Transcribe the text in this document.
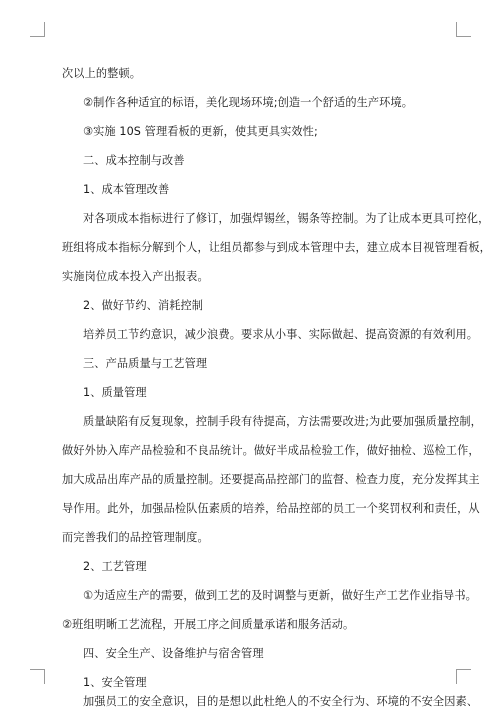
次以上的整顿。
②制作各种适宜的标语，美化现场环境;创造一个舒适的生产环境。
③实施 10S 管理看板的更新，使其更具实效性;
二、成本控制与改善
1、成本管理改善
对各项成本指标进行了修订，加强焊锡丝，锡条等控制。为了让成本更具可控化，
班组将成本指标分解到个人，让组员都参与到成本管理中去，建立成本目视管理看板，
实施岗位成本投入产出报表。
2、做好节约、消耗控制
培养员工节约意识，减少浪费。要求从小事、实际做起、提高资源的有效利用。
三、产品质量与工艺管理
1、质量管理
质量缺陷有反复现象，控制手段有待提高，方法需要改进;为此要加强质量控制，
做好外协入库产品检验和不良品统计。做好半成品检验工作，做好抽检、巡检工作，
加大成品出库产品的质量控制。还要提高品控部门的监督、检查力度，充分发挥其主
导作用。此外，加强品检队伍素质的培养，给品控部的员工一个奖罚权利和责任，从
而完善我们的品控管理制度。
2、工艺管理
①为适应生产的需要，做到工艺的及时调整与更新，做好生产工艺作业指导书。
②班组明晰工艺流程，开展工序之间质量承诺和服务活动。
四、安全生产、设备维护与宿舍管理
1、安全管理
加强员工的安全意识，目的是想以此杜绝人的不安全行为、环境的不安全因素、
